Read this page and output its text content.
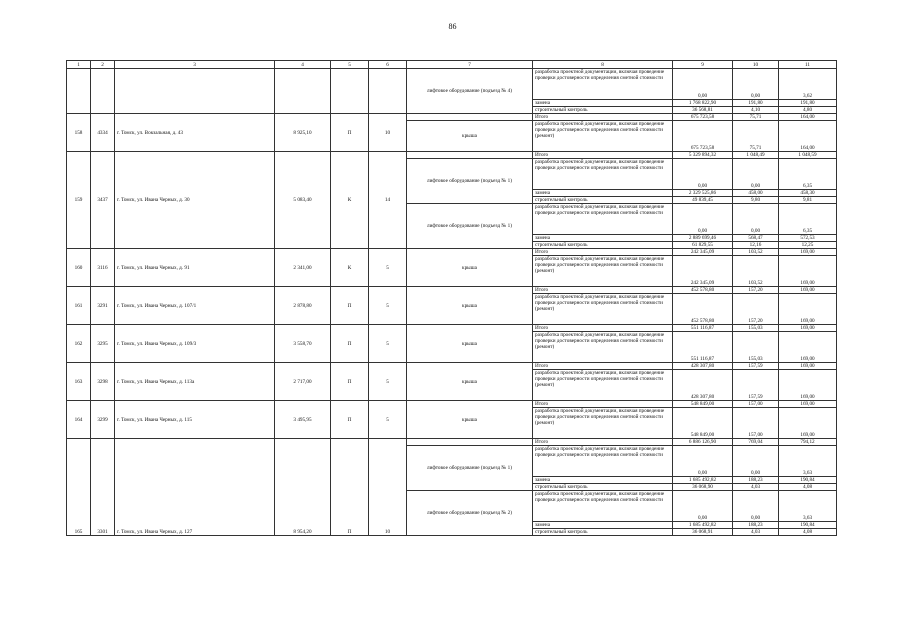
86
1	2	3	4	5	6	7	8	9	10	11
						лифтовое оборудование (подъезд № 4)	разработка проектной документации, включая проведение проверки достоверности определения сметной стоимости	0,00	0,00	3,62
							замена	1 768 822,90	191,80	191,80
							строительный контроль	36 568,81	4,10	4,80
158	4334	г. Томск, ул. Вокзальная, д. 43	8 925,10	П	10		Итого	675 723,58	75,71	164,00
						крыша	разработка проектной документации, включая проведение проверки достоверности определения сметной стоимости (ремонт)	675 723,58	75,71	164,00
159	3437	г. Томск, ул. Ивана Черных, д. 30	5 083,40	К	14		Итого	5 329 894,32	1 048,49	1 048,59
						лифтовое оборудование (подъезд № 1)	разработка проектной документации, включая проведение проверки достоверности определения сметной стоимости	0,00	0,00	6,35
							замена	2 329 525,86	458,00	458,30
							строительный контроль	49 839,45	9,80	9,81
						лифтовое оборудование (подъезд № 1)	разработка проектной документации, включая проведение проверки достоверности определения сметной стоимости	0,00	0,00	6,35
							замена	2 889 699,46	568,47	572,53
							строительный контроль	61 829,55	12,16	12,25
160	3116	г. Томск, ул. Ивана Черных, д. 91	2 341,00	К	5	крыша	Итого	242 345,09	103,52	169,00
							разработка проектной документации, включая проведение проверки достоверности определения сметной стоимости (ремонт)	242 345,09	103,52	169,00
161	3291	г. Томск, ул. Ивана Черных, д. 107/1	2 878,80	П	5	крыша	Итого	452 578,80	157,20	169,00
							разработка проектной документации, включая проведение проверки достоверности определения сметной стоимости (ремонт)	452 578,80	157,20	169,00
162	3295	г. Томск, ул. Ивана Черных, д. 109/3	3 558,70	П	5	крыша	Итого	551 116,87	155,03	169,00
							разработка проектной документации, включая проведение проверки достоверности определения сметной стоимости (ремонт)	551 116,87	155,03	169,00
163	3298	г. Томск, ул. Ивана Черных, д. 113а	2 717,00	П	5	крыша	Итого	428 307,80	157,59	169,00
							разработка проектной документации, включая проведение проверки достоверности определения сметной стоимости (ремонт)	428 307,80	157,59	169,00
164	3299	г. Томск, ул. Ивана Черных, д. 115	3 495,95	П	5	крыша	Итого	548 849,00	157,00	169,00
							разработка проектной документации, включая проведение проверки достоверности определения сметной стоимости (ремонт)	548 849,00	157,00	169,00
165	3301	г. Томск, ул. Ивана Черных, д. 127	8 954,20	П	10		Итого	6 886 126,90	769,04	794,12
						лифтовое оборудование (подъезд № 1)	разработка проектной документации, включая проведение проверки достоверности определения сметной стоимости	0,00	0,00	3,63
							замена	1 685 492,82	188,23	190,84
							строительный контроль	36 068,90	4,03	4,08
						лифтовое оборудование (подъезд № 2)	разработка проектной документации, включая проведение проверки достоверности определения сметной стоимости	0,00	0,00	3,63
							замена	1 685 492,82	188,23	190,84
							строительный контроль	36 068,91	4,03	4,08
